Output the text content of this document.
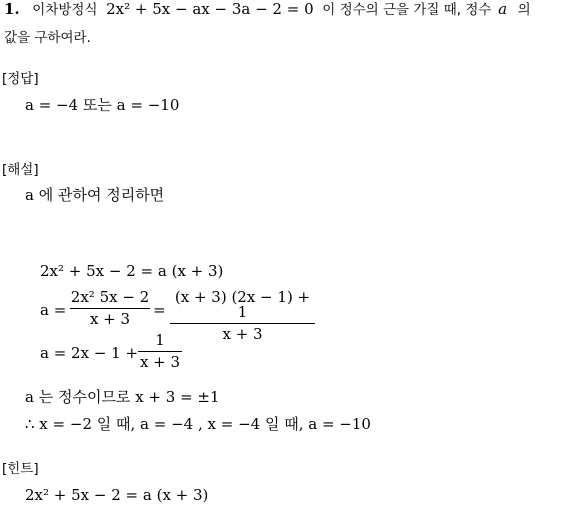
1. 이차방정식 2x² + 5x − ax − 3a − 2 = 0 이 정수의 근을 가질 때, 정수 a 의
값을 구하여라.
[정답]
a = −4 또는 a = −10
[해설]
a 에 관하여 정리하면
2x² + 5x − 2 = a (x + 3)
a =
2x² 5x − 2
x + 3	=
(x + 3) (2x − 1) + 1
x + 3
a = 2x − 1 +
1
x + 3
a 는 정수이므로 x + 3 = ±1
∴ x = −2 일 때, a = −4 , x = −4 일 때, a = −10
[힌트]
2x² + 5x − 2 = a (x + 3)
